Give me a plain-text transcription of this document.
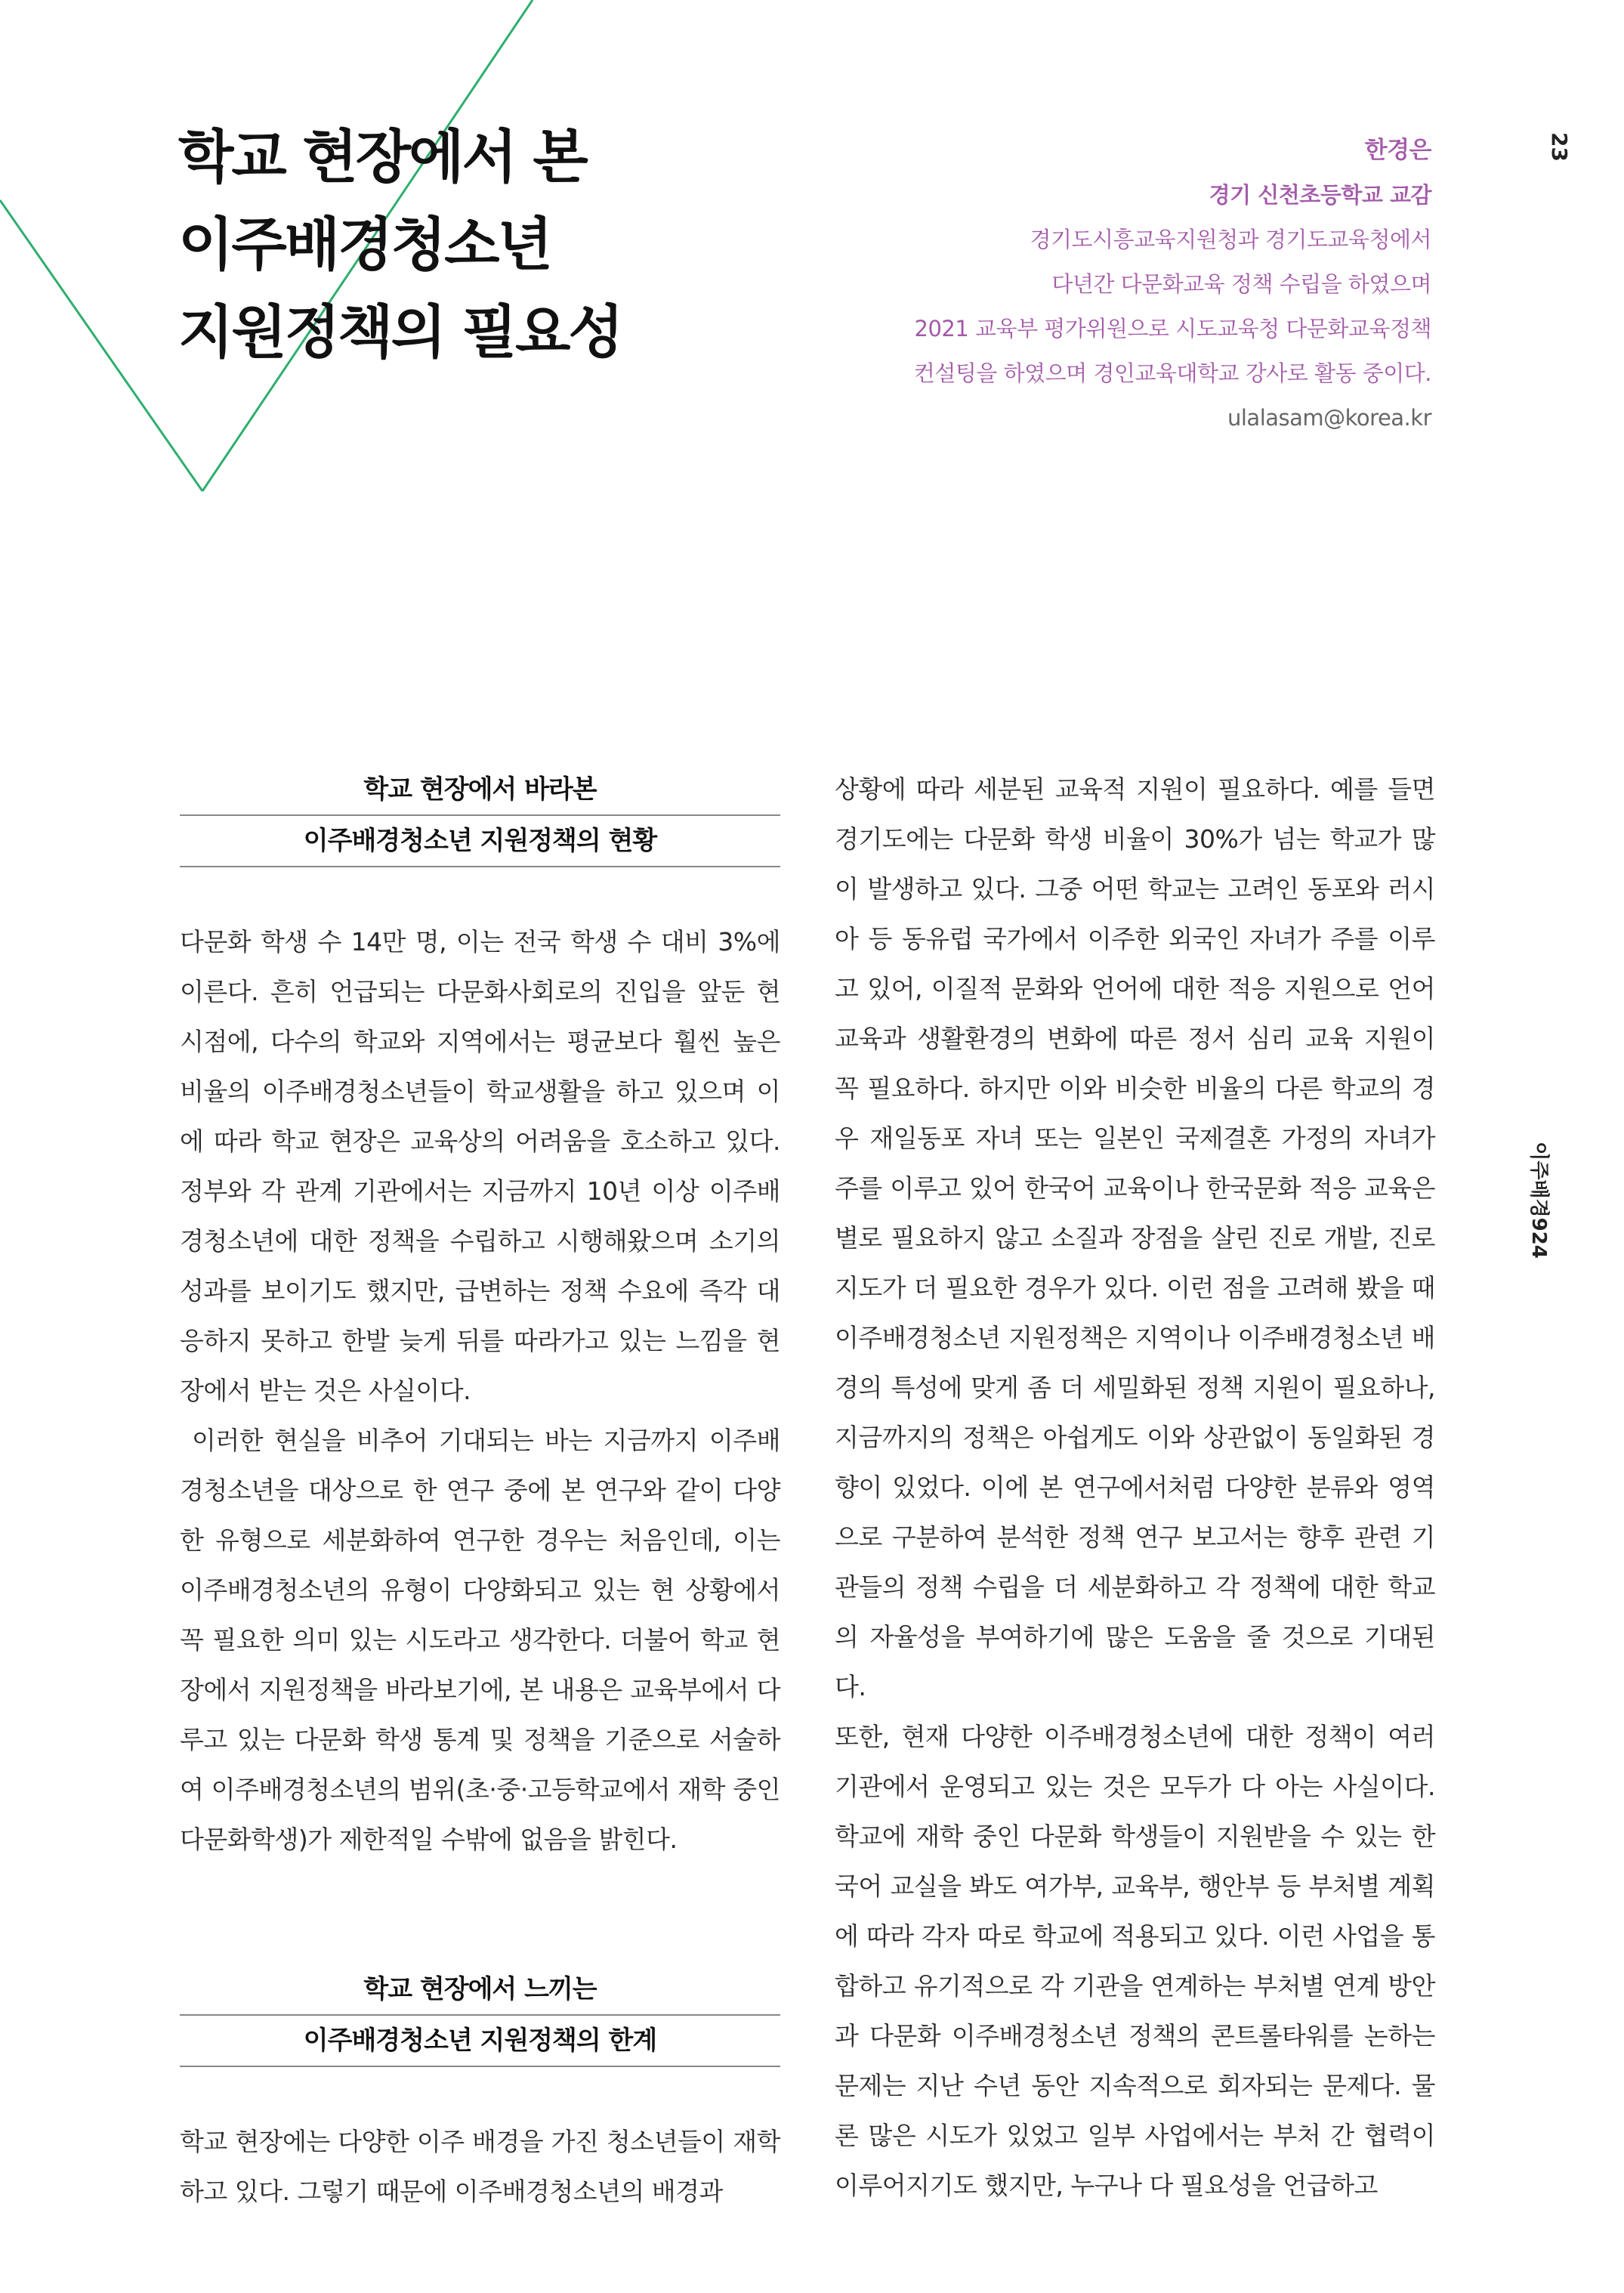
학교 현장에서 본
이주배경청소년
지원정책의 필요성
한경은
경기 신천초등학교 교감
경기도시흥교육지원청과 경기도교육청에서
다년간 다문화교육 정책 수립을 하였으며
2021 교육부 평가위원으로 시도교육청 다문화교육정책
컨설팅을 하였으며 경인교육대학교 강사로 활동 중이다.
ulalasam@korea.kr
23
이주배경924
학교 현장에서 바라본
이주배경청소년 지원정책의 현황

다문화 학생 수 14만 명, 이는 전국 학생 수 대비 3%에 이른다. 흔히 언급되는 다문화사회로의 진입을 앞둔 현 시점에, 다수의 학교와 지역에서는 평균보다 훨씬 높은 비율의 이주배경청소년들이 학교생활을 하고 있으며 이에 따라 학교 현장은 교육상의 어려움을 호소하고 있다. 정부와 각 관계 기관에서는 지금까지 10년 이상 이주배경청소년에 대한 정책을 수립하고 시행해왔으며 소기의 성과를 보이기도 했지만, 급변하는 정책 수요에 즉각 대응하지 못하고 한발 늦게 뒤를 따라가고 있는 느낌을 현장에서 받는 것은 사실이다.

이러한 현실을 비추어 기대되는 바는 지금까지 이주배경청소년을 대상으로 한 연구 중에 본 연구와 같이 다양한 유형으로 세분화하여 연구한 경우는 처음인데, 이는 이주배경청소년의 유형이 다양화되고 있는 현 상황에서 꼭 필요한 의미 있는 시도라고 생각한다. 더불어 학교 현장에서 지원정책을 바라보기에, 본 내용은 교육부에서 다루고 있는 다문화 학생 통계 및 정책을 기준으로 서술하여 이주배경청소년의 범위(초·중·고등학교에서 재학 중인 다문화학생)가 제한적일 수밖에 없음을 밝힌다.

학교 현장에서 느끼는
이주배경청소년 지원정책의 한계

학교 현장에는 다양한 이주 배경을 가진 청소년들이 재학하고 있다. 그렇기 때문에 이주배경청소년의 배경과

상황에 따라 세분된 교육적 지원이 필요하다. 예를 들면 경기도에는 다문화 학생 비율이 30%가 넘는 학교가 많이 발생하고 있다. 그중 어떤 학교는 고려인 동포와 러시아 등 동유럽 국가에서 이주한 외국인 자녀가 주를 이루고 있어, 이질적 문화와 언어에 대한 적응 지원으로 언어교육과 생활환경의 변화에 따른 정서 심리 교육 지원이 꼭 필요하다. 하지만 이와 비슷한 비율의 다른 학교의 경우 재일동포 자녀 또는 일본인 국제결혼 가정의 자녀가 주를 이루고 있어 한국어 교육이나 한국문화 적응 교육은 별로 필요하지 않고 소질과 장점을 살린 진로 개발, 진로 지도가 더 필요한 경우가 있다. 이런 점을 고려해 봤을 때 이주배경청소년 지원정책은 지역이나 이주배경청소년 배경의 특성에 맞게 좀 더 세밀화된 정책 지원이 필요하나, 지금까지의 정책은 아쉽게도 이와 상관없이 동일화된 경향이 있었다. 이에 본 연구에서처럼 다양한 분류와 영역으로 구분하여 분석한 정책 연구 보고서는 향후 관련 기관들의 정책 수립을 더 세분화하고 각 정책에 대한 학교의 자율성을 부여하기에 많은 도움을 줄 것으로 기대된다.

또한, 현재 다양한 이주배경청소년에 대한 정책이 여러 기관에서 운영되고 있는 것은 모두가 다 아는 사실이다. 학교에 재학 중인 다문화 학생들이 지원받을 수 있는 한국어 교실을 봐도 여가부, 교육부, 행안부 등 부처별 계획에 따라 각자 따로 학교에 적용되고 있다. 이런 사업을 통합하고 유기적으로 각 기관을 연계하는 부처별 연계 방안과 다문화 이주배경청소년 정책의 콘트롤타워를 논하는 문제는 지난 수년 동안 지속적으로 회자되는 문제다. 물론 많은 시도가 있었고 일부 사업에서는 부처 간 협력이 이루어지기도 했지만, 누구나 다 필요성을 언급하고
